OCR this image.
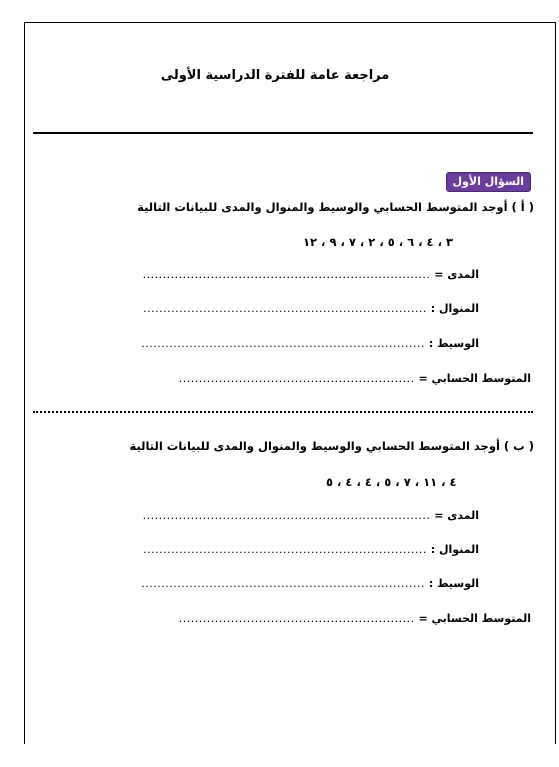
مراجعة عامة للفترة الدراسية الأولى
السؤال الأول
( أ ) أوجد المتوسط الحسابي والوسيط والمنوال والمدى للبيانات التالية
٣ ، ٤ ، ٦ ، ٥ ، ٢ ، ٧ ، ٩ ، ١٢
المدى = ........................................................................
المنوال : .......................................................................
الوسيط : .......................................................................
المتوسط الحسابي = ...........................................................
( ب ) أوجد المتوسط الحسابي والوسيط والمنوال والمدى للبيانات التالية
٤ ، ١١ ، ٧ ، ٥ ، ٤ ، ٤ ، ٥
المدى = ........................................................................
المنوال : .......................................................................
الوسيط : .......................................................................
المتوسط الحسابي = ...........................................................
